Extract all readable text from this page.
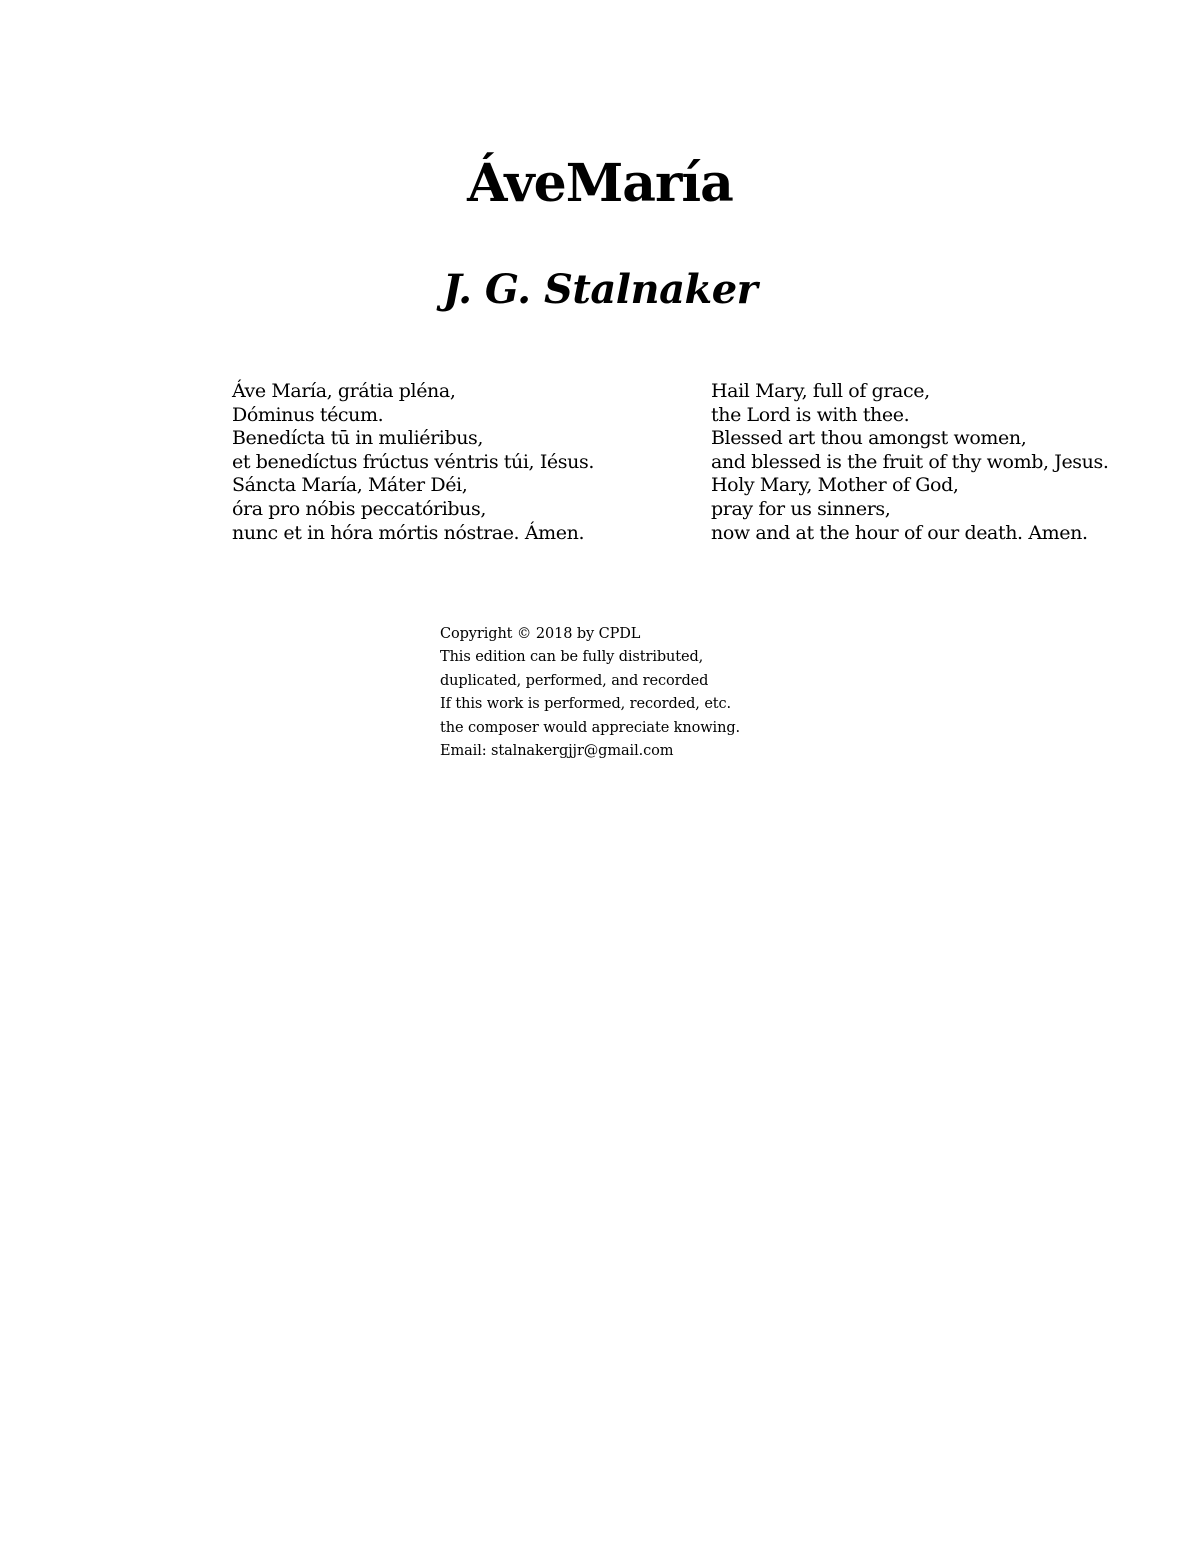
ÁveMaría
J. G. Stalnaker
Áve María, grátia pléna,
Dóminus técum.
Benedícta tū in muliéribus,
et benedíctus frúctus véntris túi, Iésus.
Sáncta María, Máter Déi,
óra pro nóbis peccatóribus,
nunc et in hóra mórtis nóstrae. Ámen.
Hail Mary, full of grace,
the Lord is with thee.
Blessed art thou amongst women,
and blessed is the fruit of thy womb, Jesus.
Holy Mary, Mother of God,
pray for us sinners,
now and at the hour of our death. Amen.
Copyright © 2018 by CPDL
This edition can be fully distributed,
duplicated, performed, and recorded
If this work is performed, recorded, etc.
the composer would appreciate knowing.
Email: stalnakergjjr@gmail.com
